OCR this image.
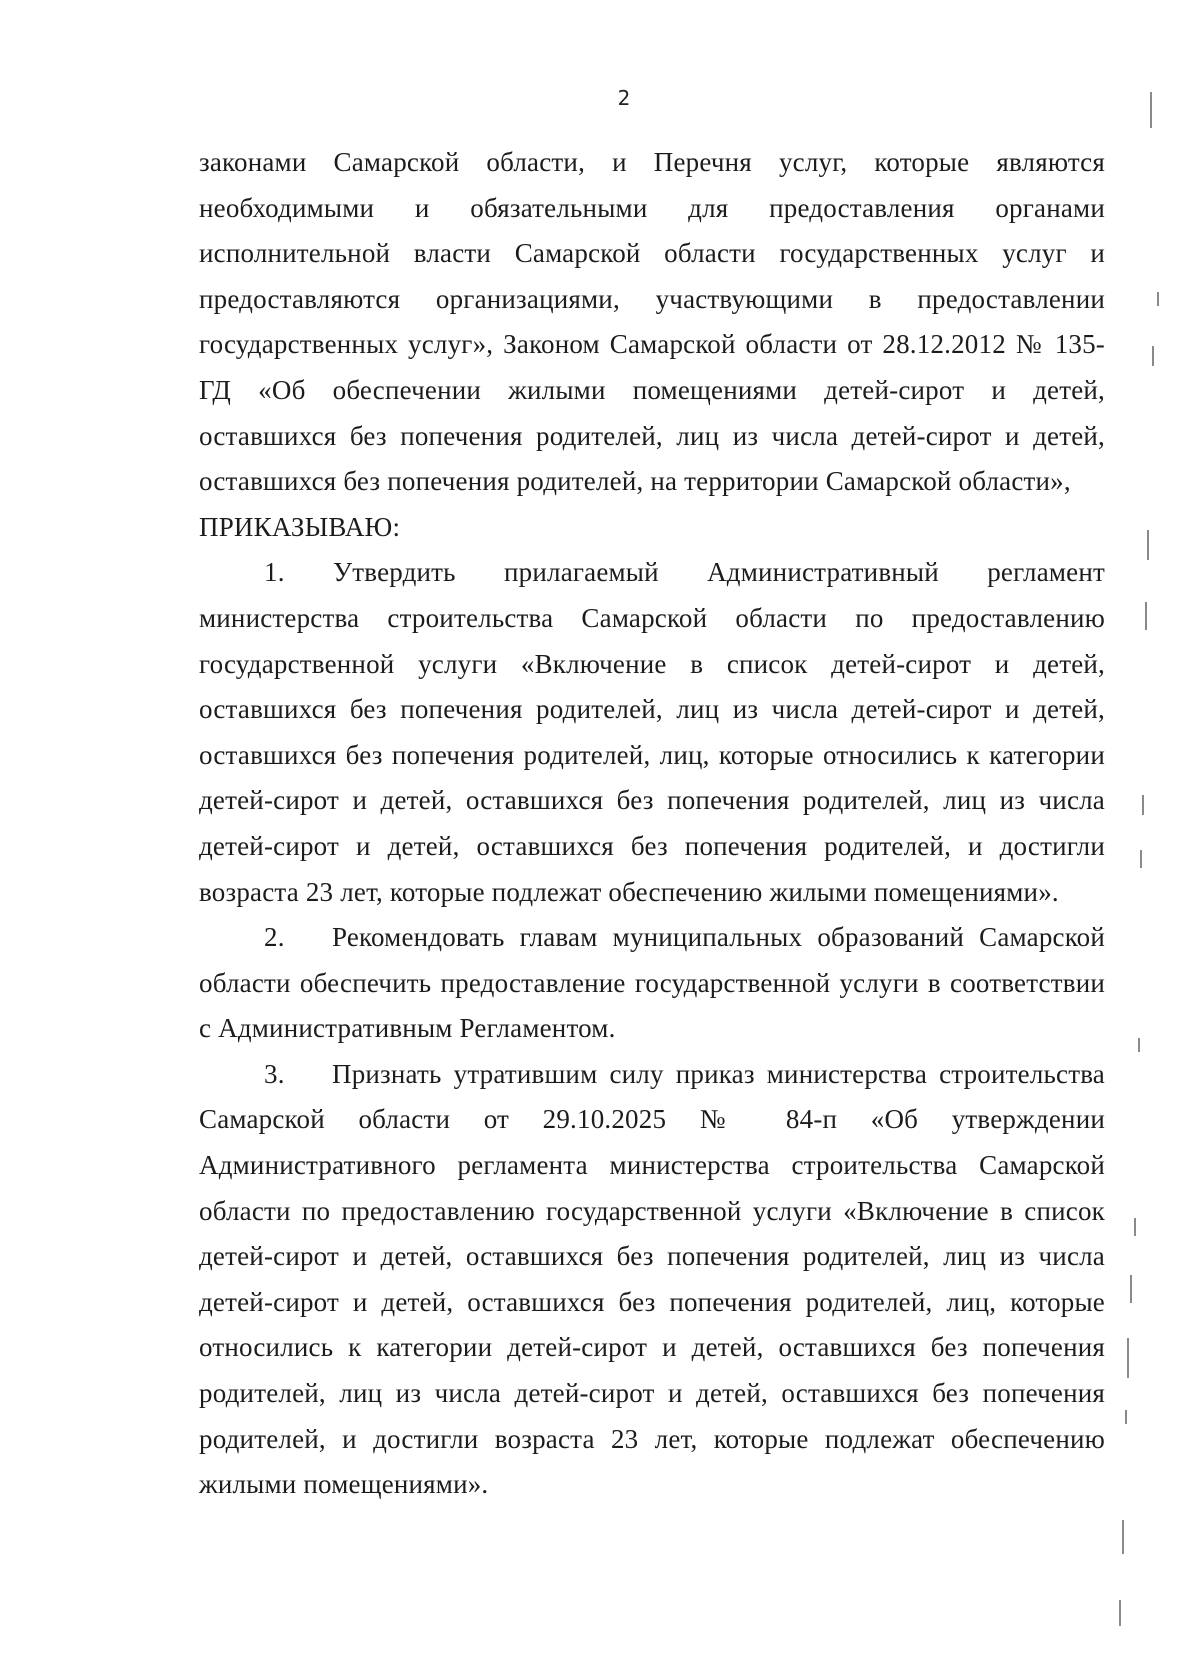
2

законами Самарской области, и Перечня услуг, которые являются необходимыми и обязательными для предоставления органами исполнительной власти Самарской области государственных услуг и предоставляются организациями, участвующими в предоставлении государственных услуг», Законом Самарской области от 28.12.2012 № 135-ГД «Об обеспечении жилыми помещениями детей-сирот и детей, оставшихся без попечения родителей, лиц из числа детей-сирот и детей, оставшихся без попечения родителей, на территории Самарской области»,

ПРИКАЗЫВАЮ:

1. Утвердить прилагаемый Административный регламент министерства строительства Самарской области по предоставлению государственной услуги «Включение в список детей-сирот и детей, оставшихся без попечения родителей, лиц из числа детей-сирот и детей, оставшихся без попечения родителей, лиц, которые относились к категории детей-сирот и детей, оставшихся без попечения родителей, лиц из числа детей-сирот и детей, оставшихся без попечения родителей, и достигли возраста 23 лет, которые подлежат обеспечению жилыми помещениями».

2. Рекомендовать главам муниципальных образований Самарской области обеспечить предоставление государственной услуги в соответствии с Административным Регламентом.

3. Признать утратившим силу приказ министерства строительства Самарской области от 29.10.2025 № 84-п «Об утверждении Административного регламента министерства строительства Самарской области по предоставлению государственной услуги «Включение в список детей-сирот и детей, оставшихся без попечения родителей, лиц из числа детей-сирот и детей, оставшихся без попечения родителей, лиц, которые относились к категории детей-сирот и детей, оставшихся без попечения родителей, лиц из числа детей-сирот и детей, оставшихся без попечения родителей, и достигли возраста 23 лет, которые подлежат обеспечению жилыми помещениями».
